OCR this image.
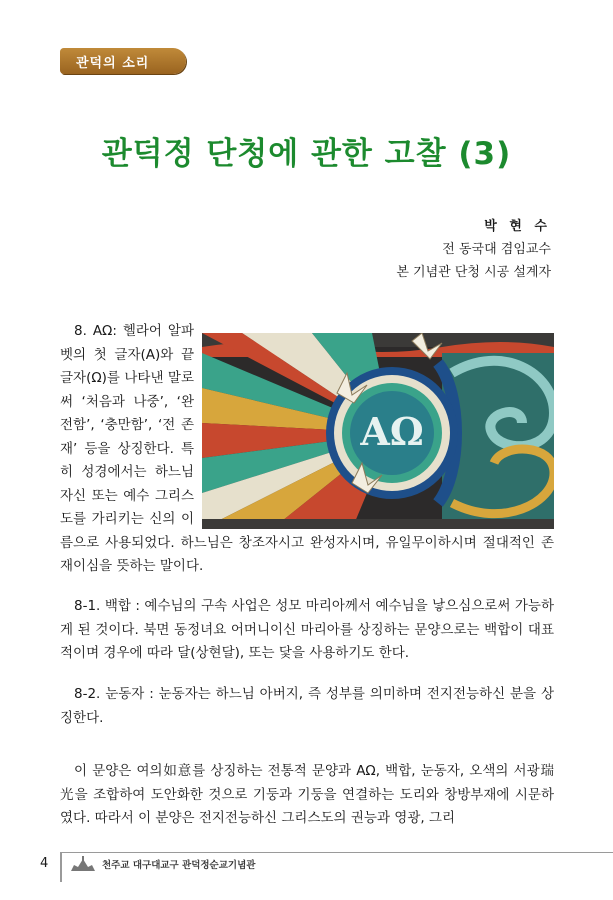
관덕의 소리
관덕정 단청에 관한 고찰 (3)
박 현 수
전 동국대 겸임교수
본 기념관 단청 시공 설계자
8. ΑΩ: 헬라어 알파벳의 첫 글자(Α)와 끝 글자(Ω)를 나타낸 말로써 ‘처음과 나중’, ‘완전함’, ‘충만함’, ‘전 존재’ 등을 상징한다. 특히 성경에서는 하느님 자신 또는 예수 그리스도를 가리키는 신의 이름으로 사용되었다. 하느님은 창조자시고 완성자시며, 유일무이하시며 절대적인 존재이심을 뜻하는 말이다.
ΑΩ
8-1. 백합 : 예수님의 구속 사업은 성모 마리아께서 예수님을 낳으심으로써 가능하게 된 것이다. 북면 동정녀요 어머니이신 마리아를 상징하는 문양으로는 백합이 대표적이며 경우에 따라 달(상현달), 또는 닻을 사용하기도 한다.
8-2. 눈동자 : 눈동자는 하느님 아버지, 즉 성부를 의미하며 전지전능하신 분을 상징한다.
이 문양은 여의如意를 상징하는 전통적 문양과 ΑΩ, 백합, 눈동자, 오색의 서광瑞光을 조합하여 도안화한 것으로 기둥과 기둥을 연결하는 도리와 창방부재에 시문하였다. 따라서 이 분양은 전지전능하신 그리스도의 권능과 영광, 그리
4	천주교 대구대교구 관덕정순교기념관
